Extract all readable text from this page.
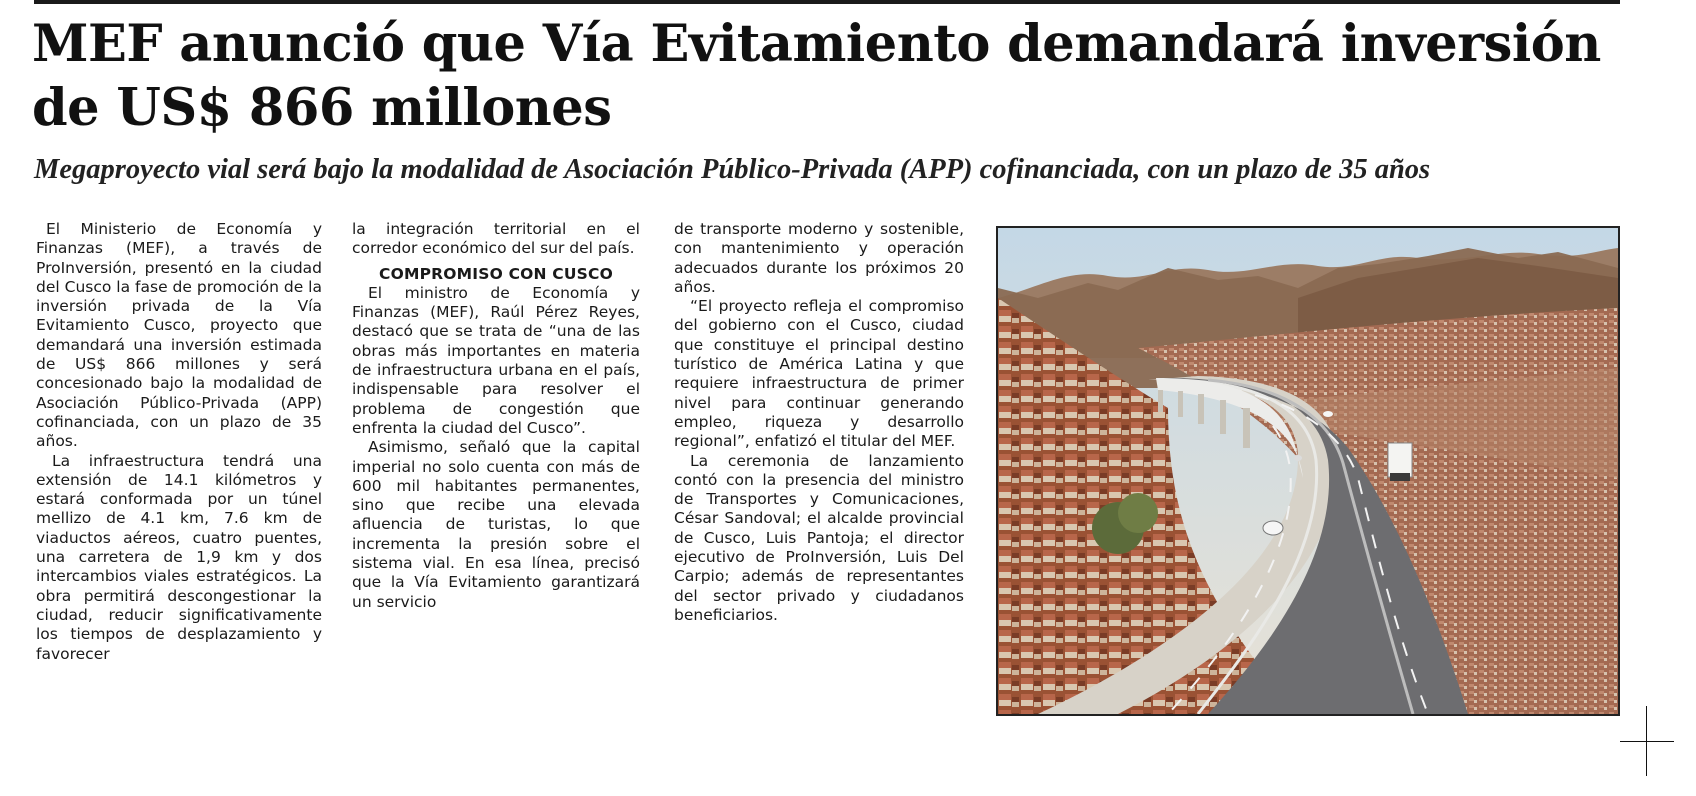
MEF anunció que Vía Evitamiento demandará inversión de US$ 866 millones
Megaproyecto vial será bajo la modalidad de Asociación Público-Privada (APP) cofinanciada, con un plazo de 35 años

El Ministerio de Economía y Finanzas (MEF), a través de ProInversión, presentó en la ciudad del Cusco la fase de promoción de la inversión privada de la Vía Evitamiento Cusco, proyecto que demandará una inversión estimada de US$ 866 millones y será concesionado bajo la modalidad de Asociación Público-Privada (APP) cofinanciada, con un plazo de 35 años.

La infraestructura tendrá una extensión de 14.1 kilómetros y estará conformada por un túnel mellizo de 4.1 km, 7.6 km de viaductos aéreos, cuatro puentes, una carretera de 1,9 km y dos intercambios viales estratégicos. La obra permitirá descongestionar la ciudad, reducir significativamente los tiempos de desplazamiento y favorecer

la integración territorial en el corredor económico del sur del país.

COMPROMISO CON CUSCO

El ministro de Economía y Finanzas (MEF), Raúl Pérez Reyes, destacó que se trata de “una de las obras más importantes en materia de infraestructura urbana en el país, indispensable para resolver el problema de congestión que enfrenta la ciudad del Cusco”.

Asimismo, señaló que la capital imperial no solo cuenta con más de 600 mil habitantes permanentes, sino que recibe una elevada afluencia de turistas, lo que incrementa la presión sobre el sistema vial. En esa línea, precisó que la Vía Evitamiento garantizará un servicio

de transporte moderno y sostenible, con mantenimiento y operación adecuados durante los próximos 20 años.

“El proyecto refleja el compromiso del gobierno con el Cusco, ciudad que constituye el principal destino turístico de América Latina y que requiere infraestructura de primer nivel para continuar generando empleo, riqueza y desarrollo regional”, enfatizó el titular del MEF.

La ceremonia de lanzamiento contó con la presencia del ministro de Transportes y Comunicaciones, César Sandoval; el alcalde provincial de Cusco, Luis Pantoja; el director ejecutivo de ProInversión, Luis Del Carpio; además de representantes del sector privado y ciudadanos beneficiarios.
